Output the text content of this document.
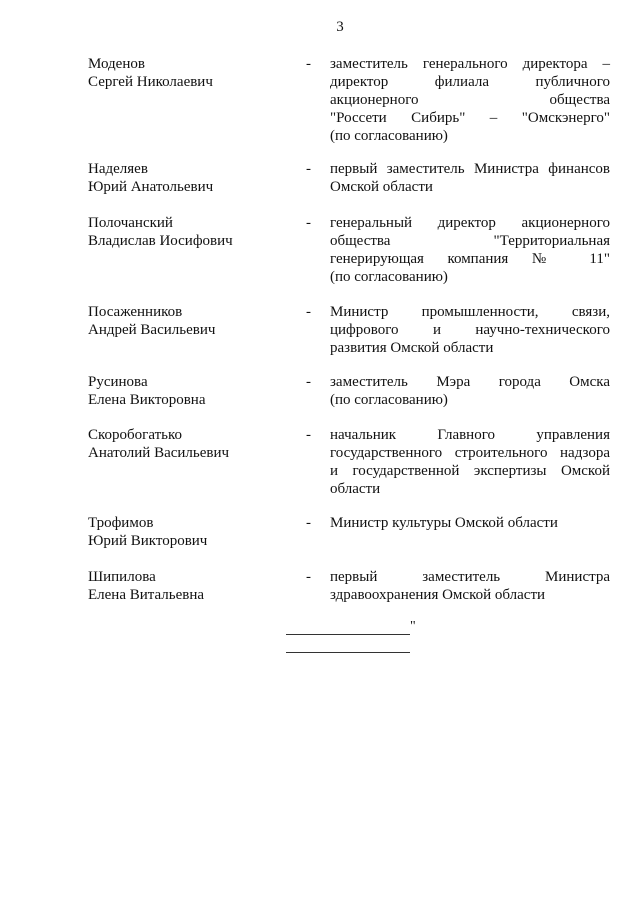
3
Моденов
Сергей Николаевич
- заместитель генерального директора –
директор филиала публичного
акционерного общества
"Россети Сибирь" – "Омскэнерго"
(по согласованию)
Наделяев
Юрий Анатольевич
- первый заместитель Министра финансов
Омской области
Полочанский
Владислав Иосифович
- генеральный директор акционерного
общества "Территориальная
генерирующая компания № 11"
(по согласованию)
Посаженников
Андрей Васильевич
- Министр промышленности, связи,
цифрового и научно-технического
развития Омской области
Русинова
Елена Викторовна
- заместитель Мэра города Омска
(по согласованию)
Скоробогатько
Анатолий Васильевич
- начальник Главного управления
государственного строительного надзора
и государственной экспертизы Омской
области
Трофимов
Юрий Викторович
- Министр культуры Омской области
Шипилова
Елена Витальевна
- первый заместитель Министра
здравоохранения Омской области
"
